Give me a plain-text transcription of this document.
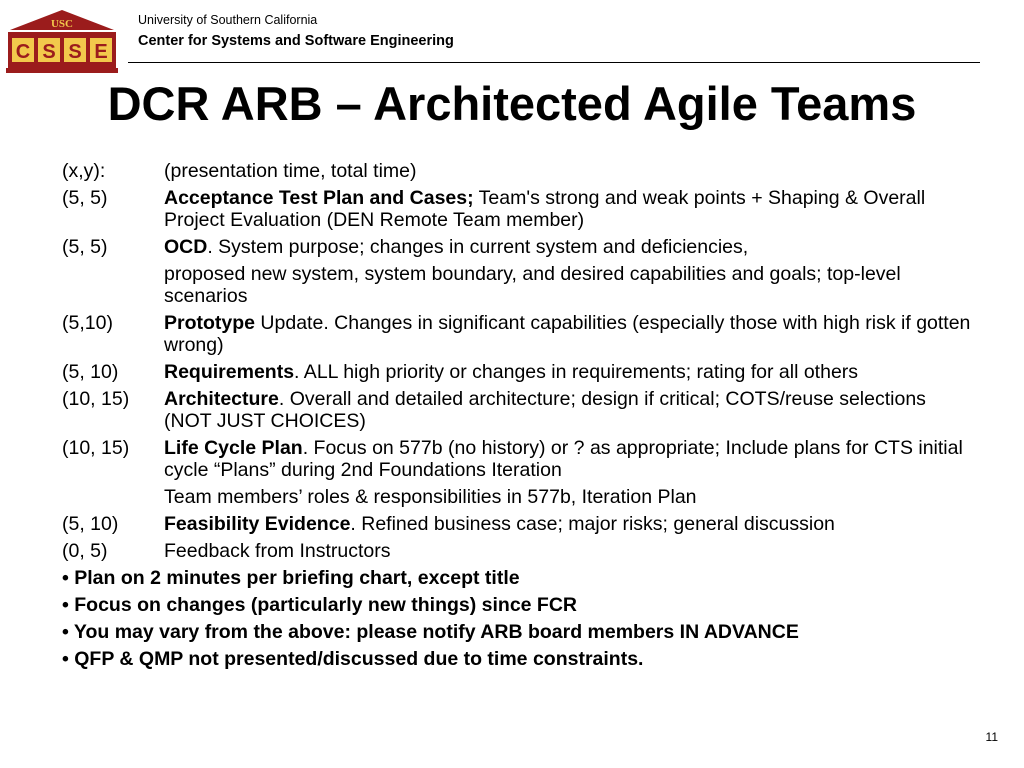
USC
C S S E
University of Southern California
Center for Systems and Software Engineering
DCR ARB – Architected Agile Teams
(x,y):	(presentation time, total time)
(5, 5)	Acceptance Test Plan and Cases; Team's strong and weak points + Shaping & Overall Project Evaluation (DEN Remote Team member)
(5, 5)	OCD. System purpose; changes in current system and deficiencies,
proposed new system, system boundary, and desired capabilities and goals; top-level scenarios
(5,10)	Prototype Update. Changes in significant capabilities (especially those with high risk if gotten wrong)
(5, 10)	Requirements. ALL high priority or changes in requirements; rating for all others
(10, 15)	Architecture. Overall and detailed architecture; design if critical; COTS/reuse selections (NOT JUST CHOICES)
(10, 15)	Life Cycle Plan. Focus on 577b (no history) or ? as appropriate; Include plans for CTS initial cycle “Plans” during 2nd Foundations Iteration
Team members’ roles & responsibilities in 577b, Iteration Plan
(5, 10)	Feasibility Evidence. Refined business case; major risks; general discussion
(0, 5)	Feedback from Instructors
• Plan on 2 minutes per briefing chart, except title
• Focus on changes (particularly new things) since FCR
• You may vary from the above: please notify ARB board members IN ADVANCE
• QFP & QMP not presented/discussed due to time constraints.
11
